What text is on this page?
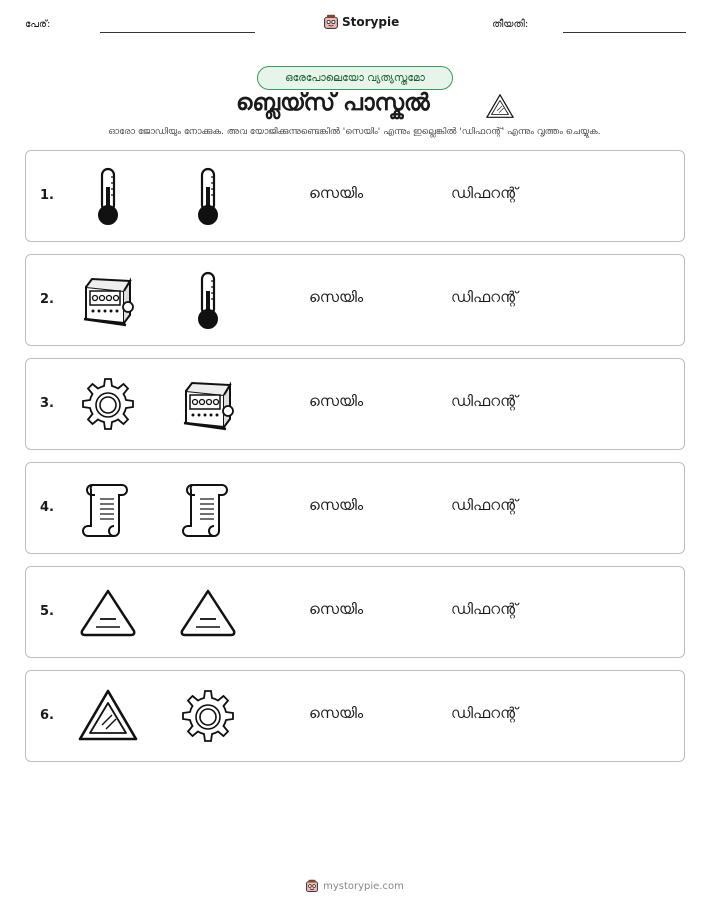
പേര്:	Storypie	തീയതി:
ഒരേപോലെയോ വ്യത്യസ്തമോ
ബ്ലെയ്സ് പാസ്കൽ
ഓരോ ജോഡിയും നോക്കുക. അവ യോജിക്കുന്നുണ്ടെങ്കിൽ 'സെയിം' എന്നും ഇല്ലെങ്കിൽ 'ഡിഫറന്റ്' എന്നും വൃത്തം ചെയ്യുക.
1.	സെയിം	ഡിഫറന്റ്
2.	സെയിം	ഡിഫറന്റ്
3.	സെയിം	ഡിഫറന്റ്
4.	സെയിം	ഡിഫറന്റ്
5.	സെയിം	ഡിഫറന്റ്
6.	സെയിം	ഡിഫറന്റ്
mystorypie.com
